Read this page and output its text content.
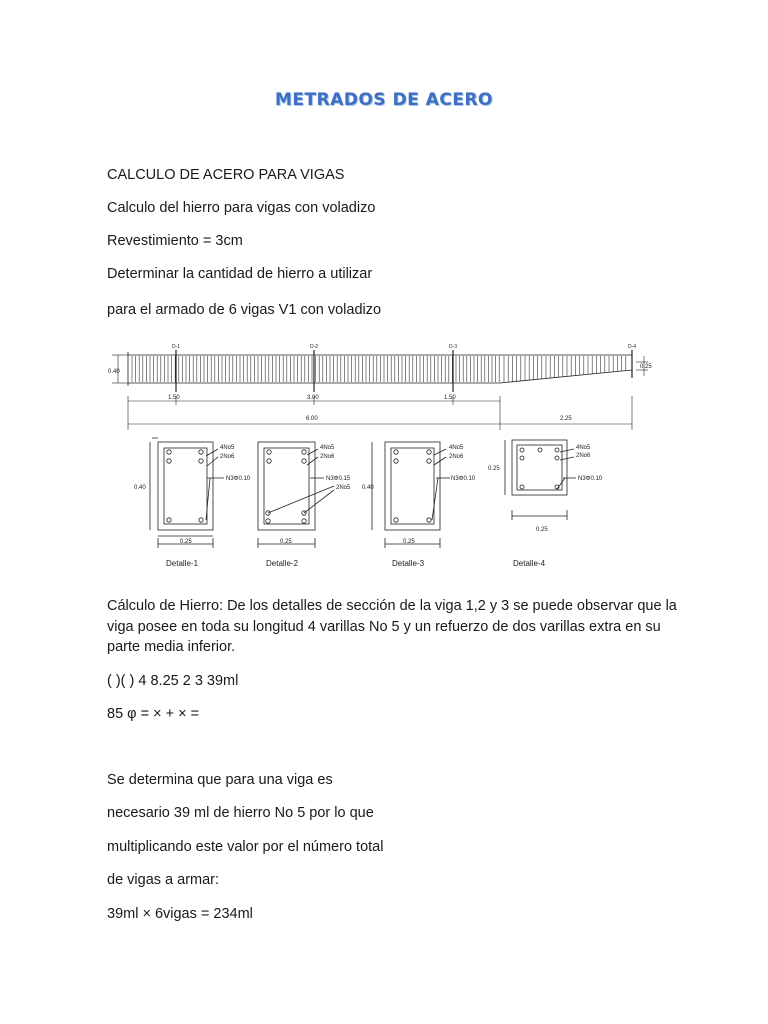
METRADOS DE ACERO
CALCULO DE ACERO PARA VIGAS
Calculo del hierro para vigas con voladizo
Revestimiento = 3cm
Determinar la cantidad de hierro a utilizar
para el armado de 6 vigas V1 con voladizo
D-1	D-2	D-3	D-4
0.40
0.25
1.50	3.00	1.50
6.00	2.25
4No5
2No6
N3Φ0.10
0.40
0.25
Detalle-1
4No5
2No6
N3Φ0.15
2No5
0.25
Detalle-2
4No5
2No6
N3Φ0.10
0.40
0.25
Detalle-3
4No5
2No6
N3Φ0.10
0.25
0.25
Detalle-4
Cálculo de Hierro: De los detalles de sección de la viga 1,2 y 3 se puede observar que la viga posee en toda su longitud 4 varillas No 5 y un refuerzo de dos varillas extra en su parte media inferior.
( )( ) 4 8.25 2 3 39ml
85 φ = × + × =
Se determina que para una viga es
necesario 39 ml de hierro No 5 por lo que
multiplicando este valor por el número total
de vigas a armar:
39ml × 6vigas = 234ml
